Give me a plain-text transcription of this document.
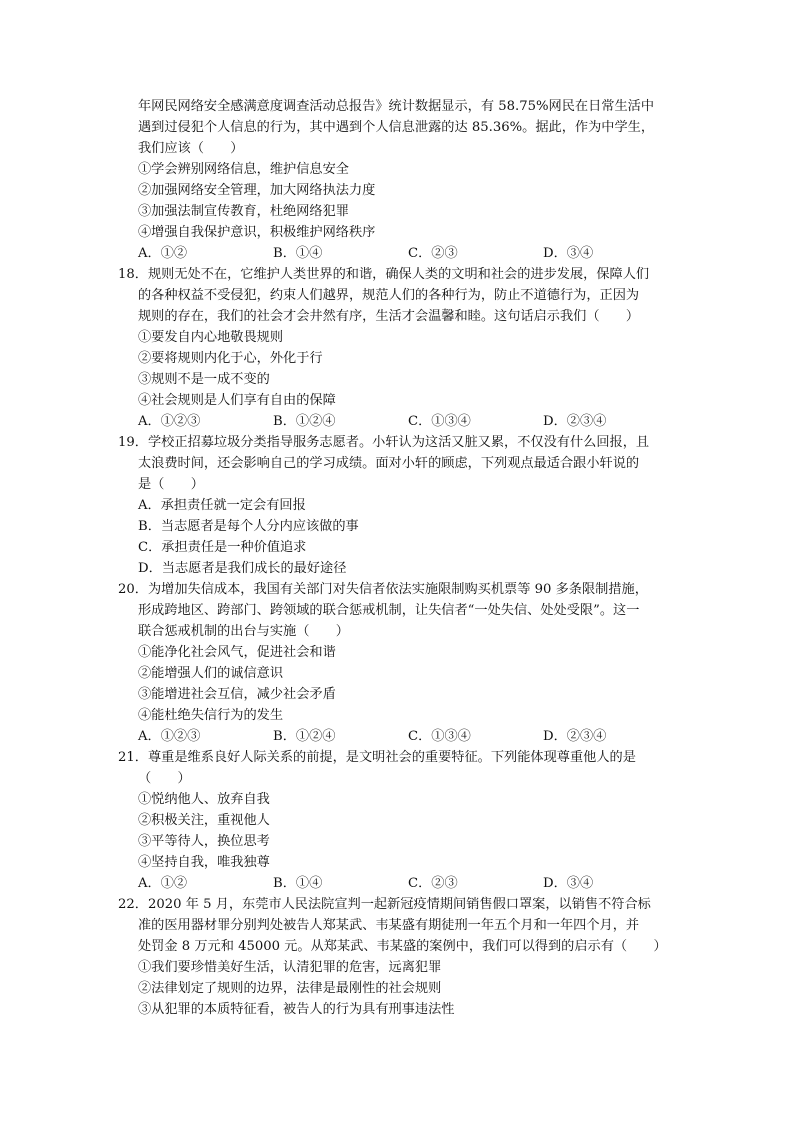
年网民网络安全感满意度调查活动总报告》统计数据显示，有 58.75%网民在日常生活中
遇到过侵犯个人信息的行为，其中遇到个人信息泄露的达 85.36%。据此，作为中学生，
我们应该（　　）
①学会辨别网络信息，维护信息安全
②加强网络安全管理，加大网络执法力度
③加强法制宣传教育，杜绝网络犯罪
④增强自我保护意识，积极维护网络秩序
A．①②	B．①④	C．②③	D．③④
18．规则无处不在，它维护人类世界的和谐，确保人类的文明和社会的进步发展，保障人们
的各种权益不受侵犯，约束人们越界，规范人们的各种行为，防止不道德行为，正因为
规则的存在，我们的社会才会井然有序，生活才会温馨和睦。这句话启示我们（　　）
①要发自内心地敬畏规则
②要将规则内化于心，外化于行
③规则不是一成不变的
④社会规则是人们享有自由的保障
A．①②③	B．①②④	C．①③④	D．②③④
19．学校正招募垃圾分类指导服务志愿者。小轩认为这活又脏又累，不仅没有什么回报，且
太浪费时间，还会影响自己的学习成绩。面对小轩的顾虑，下列观点最适合跟小轩说的
是（　　）
A．承担责任就一定会有回报
B．当志愿者是每个人分内应该做的事
C．承担责任是一种价值追求
D．当志愿者是我们成长的最好途径
20．为增加失信成本，我国有关部门对失信者依法实施限制购买机票等 90 多条限制措施，
形成跨地区、跨部门、跨领域的联合惩戒机制，让失信者“一处失信、处处受限”。这一
联合惩戒机制的出台与实施（　　）
①能净化社会风气，促进社会和谐
②能增强人们的诚信意识
③能增进社会互信，减少社会矛盾
④能杜绝失信行为的发生
A．①②③	B．①②④	C．①③④	D．②③④
21．尊重是维系良好人际关系的前提，是文明社会的重要特征。下列能体现尊重他人的是
（　　）
①悦纳他人、放弃自我
②积极关注，重视他人
③平等待人，换位思考
④坚持自我，唯我独尊
A．①②	B．①④	C．②③	D．③④
22．2020 年 5 月，东莞市人民法院宣判一起新冠疫情期间销售假口罩案，以销售不符合标
准的医用器材罪分别判处被告人郑某武、韦某盛有期徒刑一年五个月和一年四个月，并
处罚金 8 万元和 45000 元。从郑某武、韦某盛的案例中，我们可以得到的启示有（　　）
①我们要珍惜美好生活，认清犯罪的危害，远离犯罪
②法律划定了规则的边界，法律是最刚性的社会规则
③从犯罪的本质特征看，被告人的行为具有刑事违法性
